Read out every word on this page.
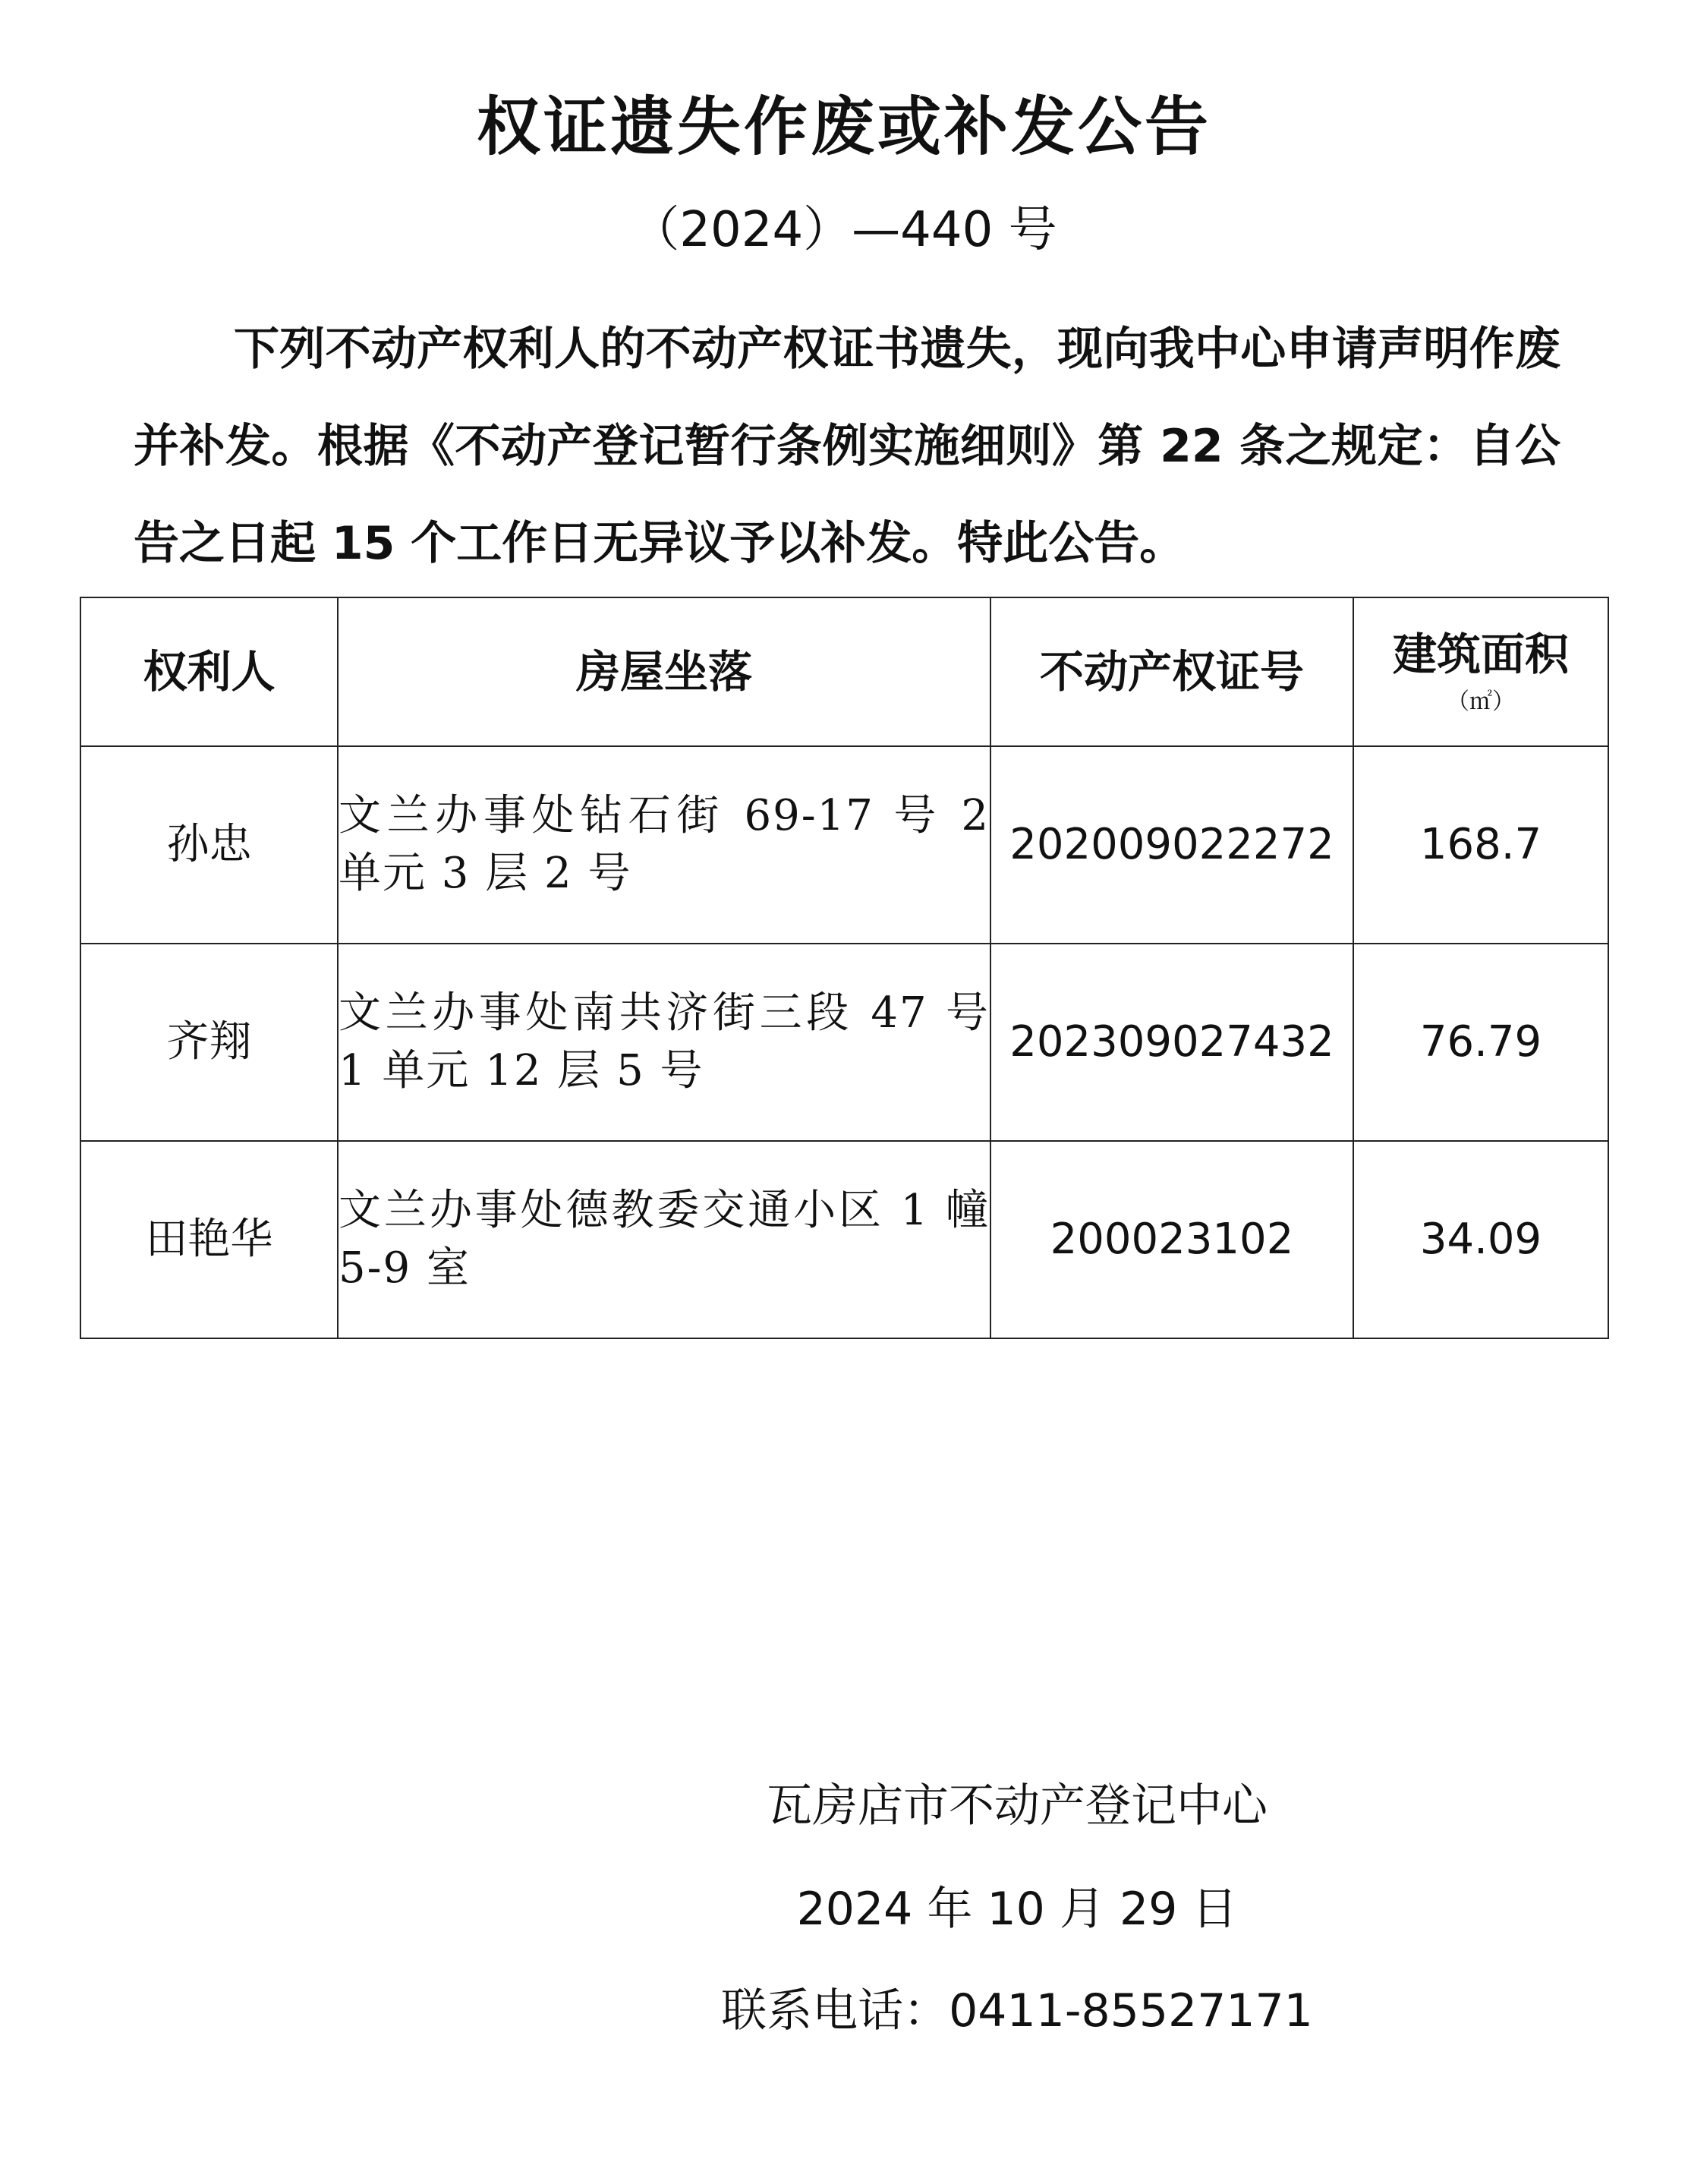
权证遗失作废或补发公告
（2024）—440 号

下列不动产权利人的不动产权证书遗失，现向我中心申请声明作废并补发。根据《不动产登记暂行条例实施细则》第 22 条之规定：自公告之日起 15 个工作日无异议予以补发。特此公告。

权利人	房屋坐落	不动产权证号	建筑面积
（㎡）

孙忠	文兰办事处钻石街 69-17 号 2 单元 3 层 2 号	202009022272	168.7
齐翔	文兰办事处南共济街三段 47 号 1 单元 12 层 5 号	202309027432	76.79
田艳华	文兰办事处德教委交通小区 1 幢 5-9 室	200023102	34.09
瓦房店市不动产登记中心
2024 年 10 月 29 日
联系电话：0411-85527171
